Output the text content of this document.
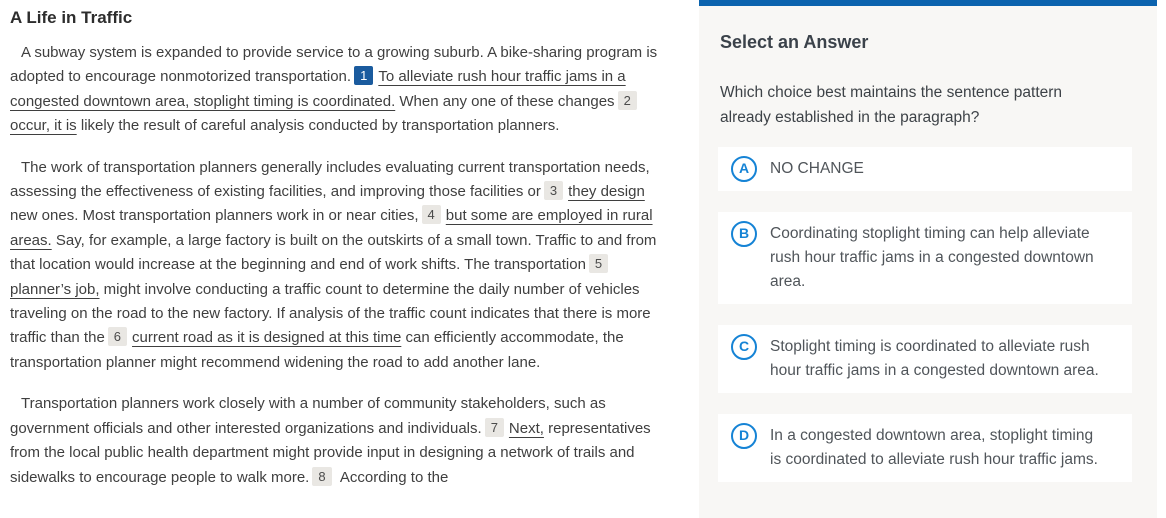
A Life in Traffic

A subway system is expanded to provide service to a growing suburb. A bike-sharing program is adopted to encourage nonmotorized transportation. 1 To alleviate rush hour traffic jams in a congested downtown area, stoplight timing is coordinated. When any one of these changes 2occur, it is likely the result of careful analysis conducted by transportation planners.

The work of transportation planners generally includes evaluating current transportation needs, assessing the effectiveness of existing facilities, and improving those facilities or 3 they design new ones. Most transportation planners work in or near cities, 4 but some are employed in rural areas. Say, for example, a large factory is built on the outskirts of a small town. Traffic to and from that location would increase at the beginning and end of work shifts. The transportation 5planner’s job, might involve conducting a traffic count to determine the daily number of vehicles traveling on the road to the new factory. If analysis of the traffic count indicates that there is more traffic than the 6 current road as it is designed at this time can efficiently accommodate, the transportation planner might recommend widening the road to add another lane.

Transportation planners work closely with a number of community stakeholders, such as government officials and other interested organizations and individuals. 7 Next, representatives from the local public health department might provide input in designing a network of trails and sidewalks to encourage people to walk more. 8 According to the

Select an Answer

Which choice best maintains the sentence pattern already established in the paragraph?

A	NO CHANGE
B	Coordinating stoplight timing can help alleviate rush hour traffic jams in a congested downtown area.
C	Stoplight timing is coordinated to alleviate rush hour traffic jams in a congested downtown area.
D	In a congested downtown area, stoplight timing is coordinated to alleviate rush hour traffic jams.
